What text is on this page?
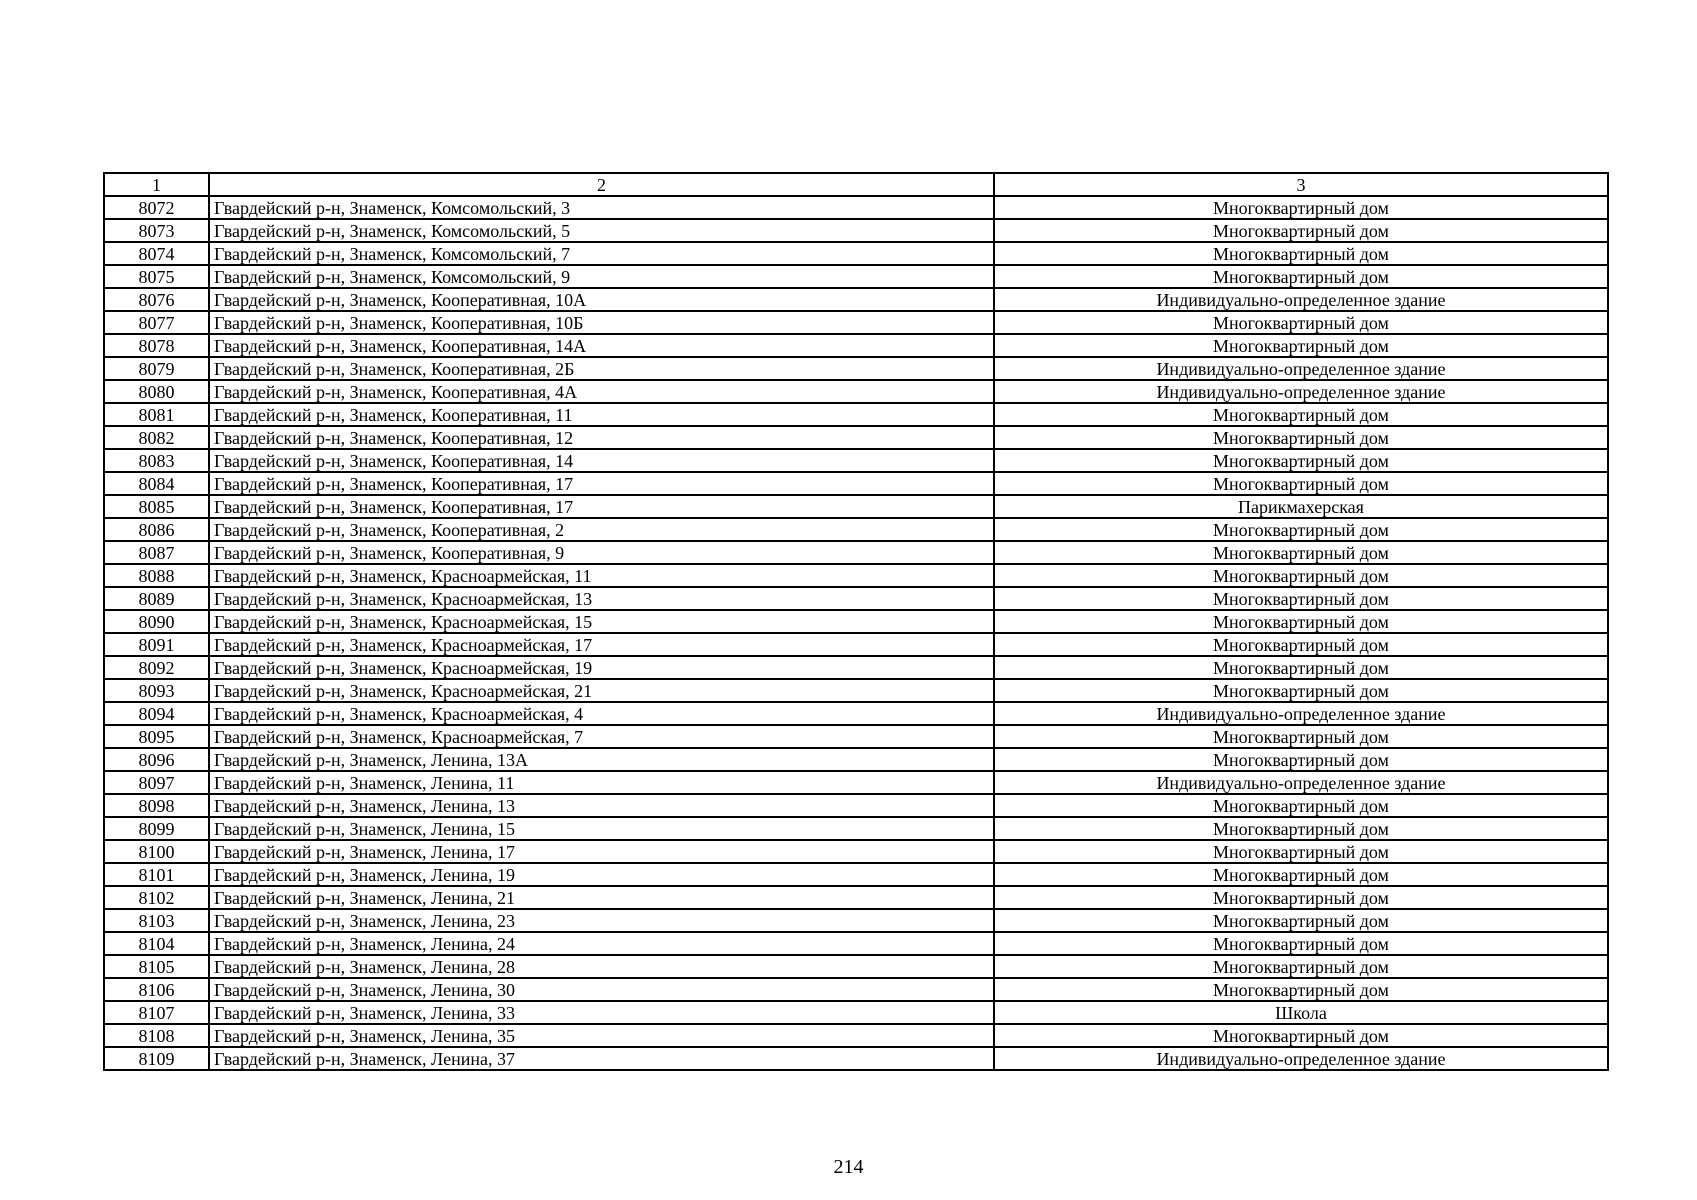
1	2	3
8072	Гвардейский р-н, Знаменск, Комсомольский, 3	Многоквартирный дом
8073	Гвардейский р-н, Знаменск, Комсомольский, 5	Многоквартирный дом
8074	Гвардейский р-н, Знаменск, Комсомольский, 7	Многоквартирный дом
8075	Гвардейский р-н, Знаменск, Комсомольский, 9	Многоквартирный дом
8076	Гвардейский р-н, Знаменск, Кооперативная, 10А	Индивидуально-определенное здание
8077	Гвардейский р-н, Знаменск, Кооперативная, 10Б	Многоквартирный дом
8078	Гвардейский р-н, Знаменск, Кооперативная, 14А	Многоквартирный дом
8079	Гвардейский р-н, Знаменск, Кооперативная, 2Б	Индивидуально-определенное здание
8080	Гвардейский р-н, Знаменск, Кооперативная, 4А	Индивидуально-определенное здание
8081	Гвардейский р-н, Знаменск, Кооперативная, 11	Многоквартирный дом
8082	Гвардейский р-н, Знаменск, Кооперативная, 12	Многоквартирный дом
8083	Гвардейский р-н, Знаменск, Кооперативная, 14	Многоквартирный дом
8084	Гвардейский р-н, Знаменск, Кооперативная, 17	Многоквартирный дом
8085	Гвардейский р-н, Знаменск, Кооперативная, 17	Парикмахерская
8086	Гвардейский р-н, Знаменск, Кооперативная, 2	Многоквартирный дом
8087	Гвардейский р-н, Знаменск, Кооперативная, 9	Многоквартирный дом
8088	Гвардейский р-н, Знаменск, Красноармейская, 11	Многоквартирный дом
8089	Гвардейский р-н, Знаменск, Красноармейская, 13	Многоквартирный дом
8090	Гвардейский р-н, Знаменск, Красноармейская, 15	Многоквартирный дом
8091	Гвардейский р-н, Знаменск, Красноармейская, 17	Многоквартирный дом
8092	Гвардейский р-н, Знаменск, Красноармейская, 19	Многоквартирный дом
8093	Гвардейский р-н, Знаменск, Красноармейская, 21	Многоквартирный дом
8094	Гвардейский р-н, Знаменск, Красноармейская, 4	Индивидуально-определенное здание
8095	Гвардейский р-н, Знаменск, Красноармейская, 7	Многоквартирный дом
8096	Гвардейский р-н, Знаменск, Ленина, 13А	Многоквартирный дом
8097	Гвардейский р-н, Знаменск, Ленина, 11	Индивидуально-определенное здание
8098	Гвардейский р-н, Знаменск, Ленина, 13	Многоквартирный дом
8099	Гвардейский р-н, Знаменск, Ленина, 15	Многоквартирный дом
8100	Гвардейский р-н, Знаменск, Ленина, 17	Многоквартирный дом
8101	Гвардейский р-н, Знаменск, Ленина, 19	Многоквартирный дом
8102	Гвардейский р-н, Знаменск, Ленина, 21	Многоквартирный дом
8103	Гвардейский р-н, Знаменск, Ленина, 23	Многоквартирный дом
8104	Гвардейский р-н, Знаменск, Ленина, 24	Многоквартирный дом
8105	Гвардейский р-н, Знаменск, Ленина, 28	Многоквартирный дом
8106	Гвардейский р-н, Знаменск, Ленина, 30	Многоквартирный дом
8107	Гвардейский р-н, Знаменск, Ленина, 33	Школа
8108	Гвардейский р-н, Знаменск, Ленина, 35	Многоквартирный дом
8109	Гвардейский р-н, Знаменск, Ленина, 37	Индивидуально-определенное здание
214
